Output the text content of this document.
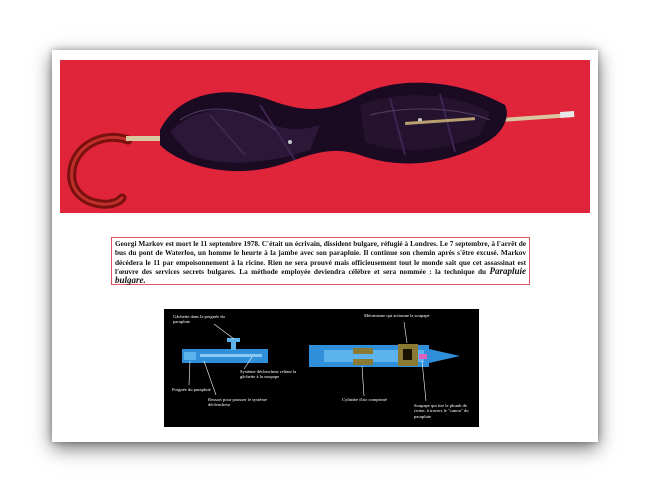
Georgi Markov est mort le 11 septembre 1978. C'était un écrivain, dissident bulgare, réfugié à Londres. Le 7 septembre, à l'arrêt de bus du pont de Waterloo, un homme le heurte à la jambe avec son parapluie. Il continue son chemin après s'être excusé. Markov décédera le 11 par empoisonnement à la ricine. Rien ne sera prouvé mais officieusement tout le monde sait que cet assassinat est l'œuvre des services secrets bulgares. La méthode employée deviendra célèbre et sera nommée : la technique du Parapluie bulgare.
Gâchette dans la poignée du parapluie
Système déclencheur reliant la gâchette à la soupape
Poignée du parapluie
Ressort pour pousser le système déclencheur
Mécanisme qui actionne la soupape
Cylindre d'air comprimé
Soupape qui tire le plomb de ricine, à travers le "canon" du parapluie
